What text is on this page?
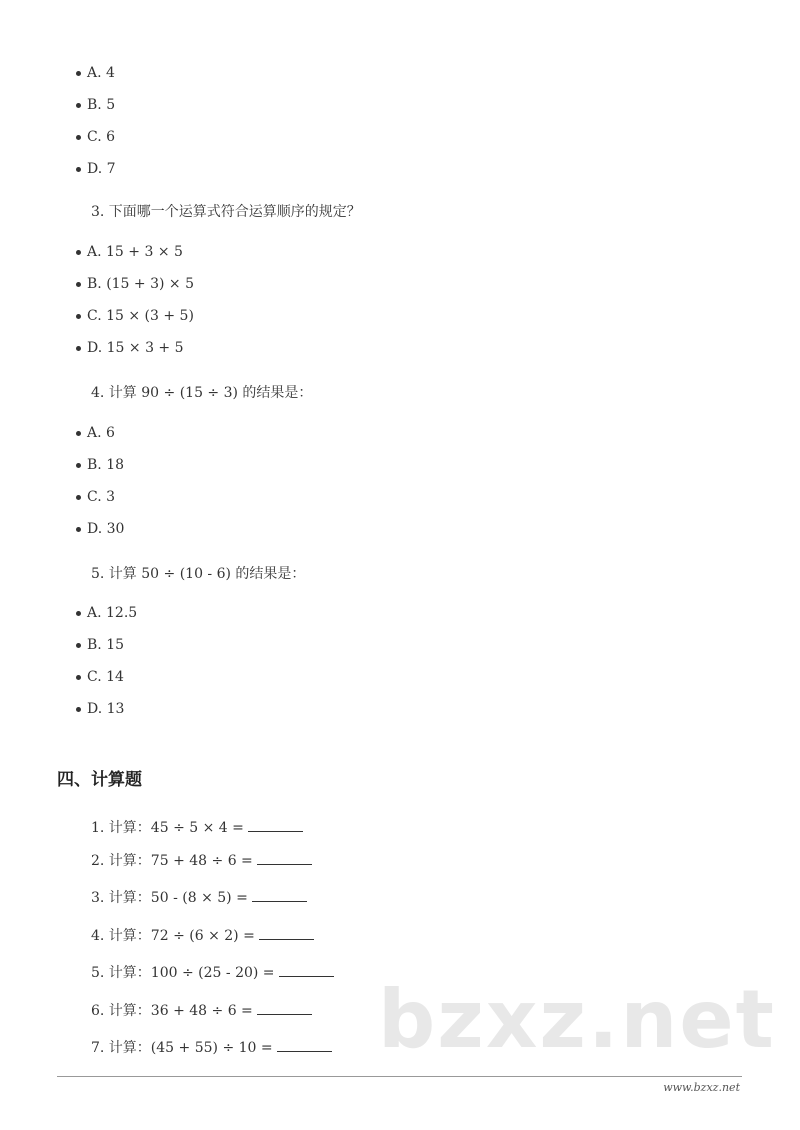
bzxz.net
A. 4
B. 5
C. 6
D. 7
3. 下面哪一个运算式符合运算顺序的规定？
A. 15 + 3 × 5
B. (15 + 3) × 5
C. 15 × (3 + 5)
D. 15 × 3 + 5
4. 计算 90 ÷ (15 ÷ 3) 的结果是：
A. 6
B. 18
C. 3
D. 30
5. 计算 50 ÷ (10 - 6) 的结果是：
A. 12.5
B. 15
C. 14
D. 13
四、计算题
1. 计算：45 ÷ 5 × 4 =
2. 计算：75 + 48 ÷ 6 =
3. 计算：50 - (8 × 5) =
4. 计算：72 ÷ (6 × 2) =
5. 计算：100 ÷ (25 - 20) =
6. 计算：36 + 48 ÷ 6 =
7. 计算：(45 + 55) ÷ 10 =
www.bzxz.net
